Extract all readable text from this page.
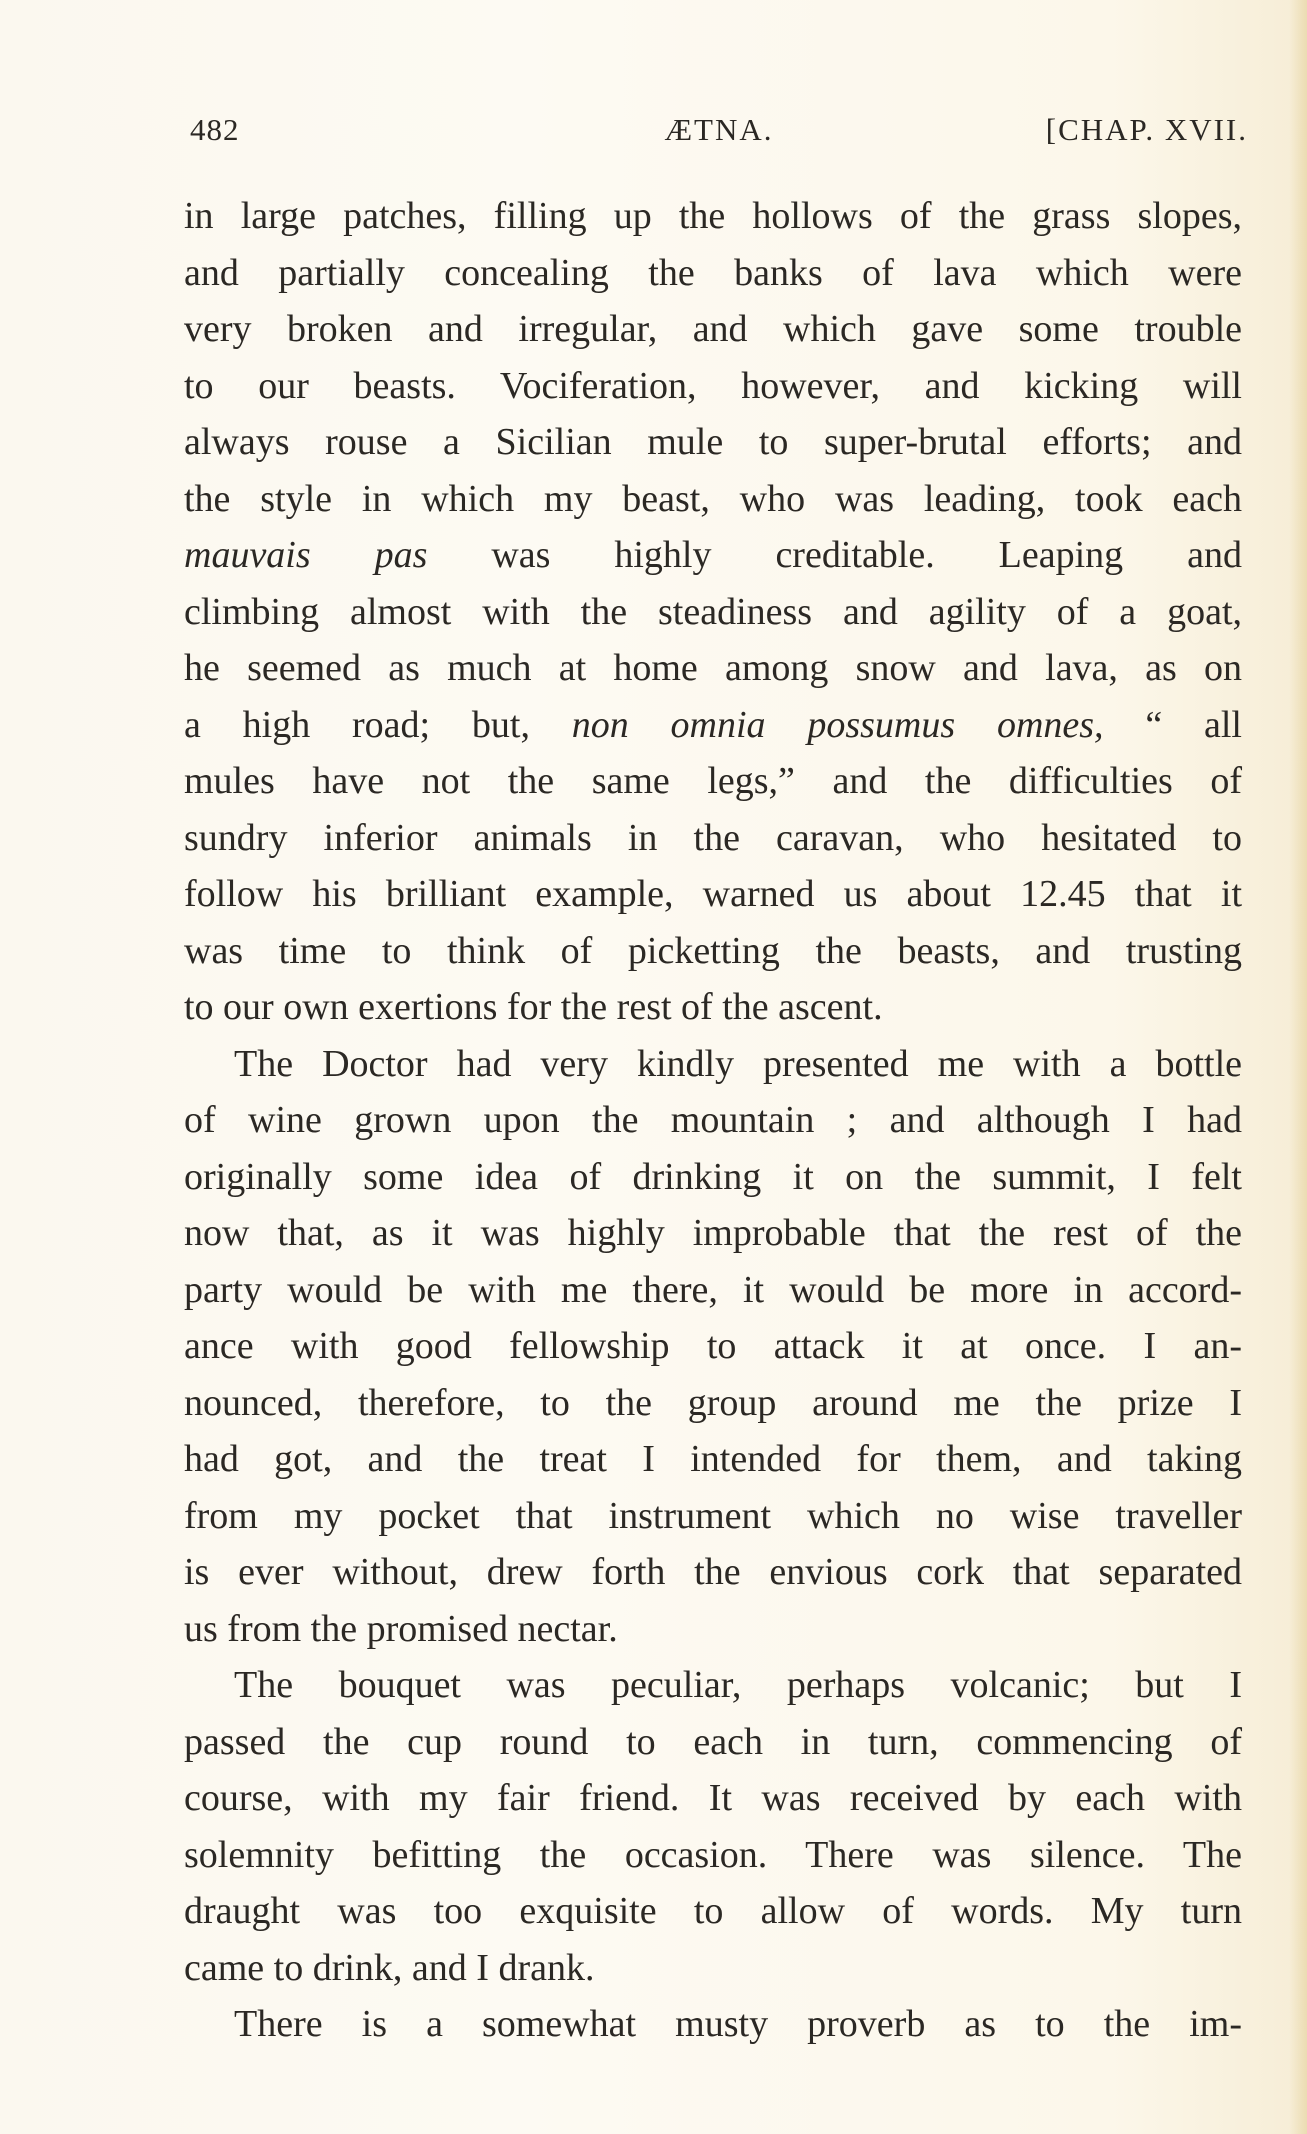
482	ÆTNA.	[CHAP. XVII.
in large patches, filling up the hollows of the grass slopes,
and partially concealing the banks of lava which were
very broken and irregular, and which gave some trouble
to our beasts. Vociferation, however, and kicking will
always rouse a Sicilian mule to super-brutal efforts; and
the style in which my beast, who was leading, took each
mauvais pas was highly creditable. Leaping and
climbing almost with the steadiness and agility of a goat,
he seemed as much at home among snow and lava, as on
a high road; but, non omnia possumus omnes, “ all
mules have not the same legs,” and the difficulties of
sundry inferior animals in the caravan, who hesitated to
follow his brilliant example, warned us about 12.45 that it
was time to think of picketting the beasts, and trusting
to our own exertions for the rest of the ascent.
The Doctor had very kindly presented me with a bottle
of wine grown upon the mountain ; and although I had
originally some idea of drinking it on the summit, I felt
now that, as it was highly improbable that the rest of the
party would be with me there, it would be more in accord-
ance with good fellowship to attack it at once. I an-
nounced, therefore, to the group around me the prize I
had got, and the treat I intended for them, and taking
from my pocket that instrument which no wise traveller
is ever without, drew forth the envious cork that separated
us from the promised nectar.
The bouquet was peculiar, perhaps volcanic; but I
passed the cup round to each in turn, commencing of
course, with my fair friend. It was received by each with
solemnity befitting the occasion. There was silence. The
draught was too exquisite to allow of words. My turn
came to drink, and I drank.
There is a somewhat musty proverb as to the im-
